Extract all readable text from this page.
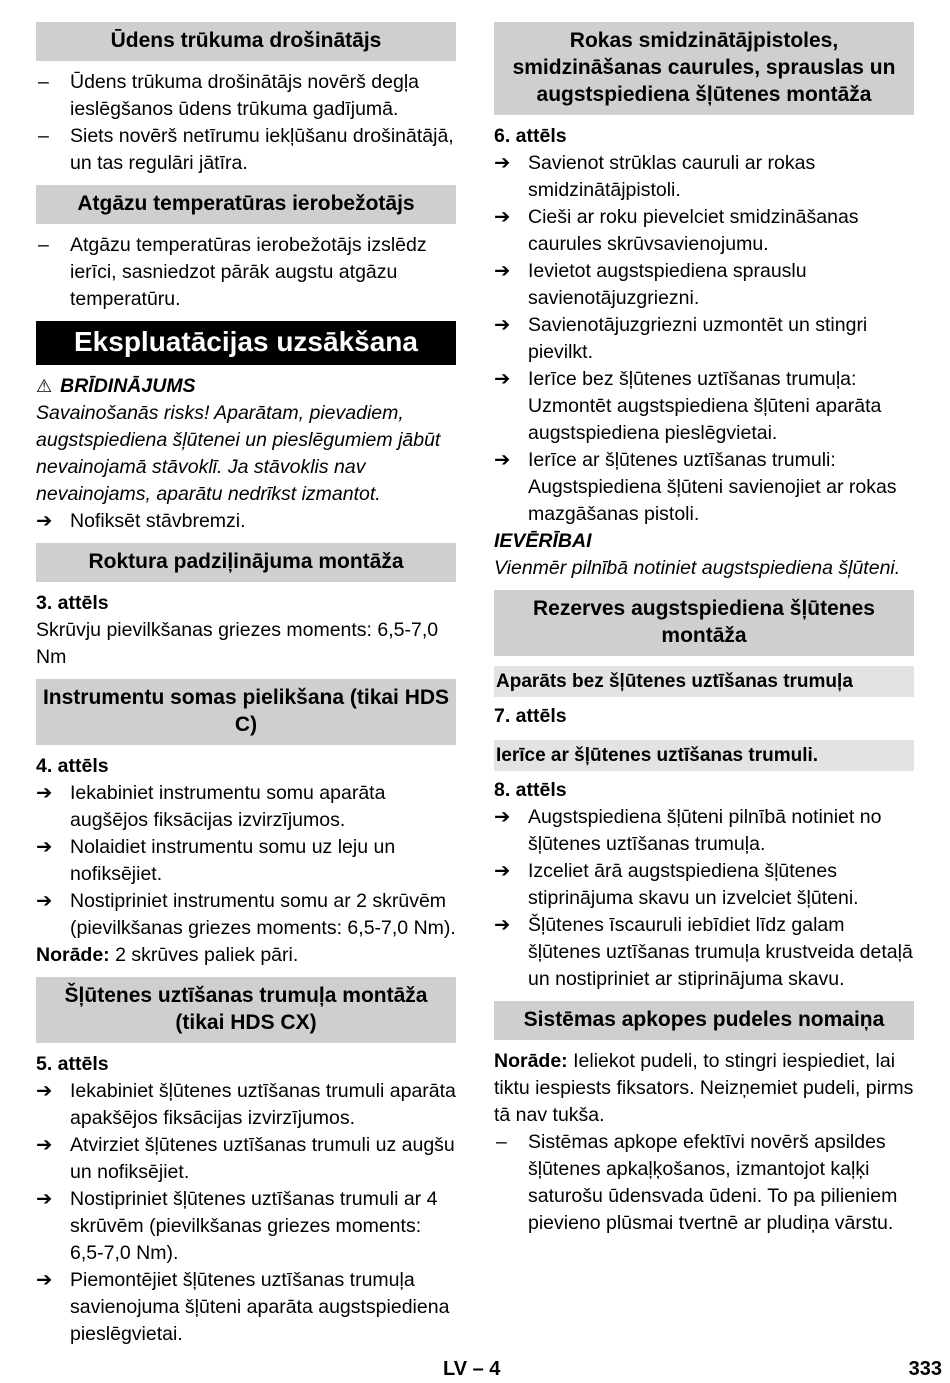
Ūdens trūkuma drošinātājs
–	Ūdens trūkuma drošinātājs novērš degļa ieslēgšanos ūdens trūkuma gadījumā.
–	Siets novērš netīrumu iekļūšanu drošinātājā, un tas regulāri jātīra.
Atgāzu temperatūras ierobežotājs
–	Atgāzu temperatūras ierobežotājs izslēdz ierīci, sasniedzot pārāk augstu atgāzu temperatūru.
Ekspluatācijas uzsākšana

⚠ BRĪDINĀJUMS

Savainošanās risks! Aparātam, pievadiem, augstspiediena šļūtenei un pieslēgumiem jābūt nevainojamā stāvoklī. Ja stāvoklis nav nevainojams, aparātu nedrīkst izmantot.

➔ Nofiksēt stāvbremzi.
Roktura padziļinājuma montāža

3. attēls

Skrūvju pievilkšanas griezes moments: 6,5-7,0 Nm

Instrumentu somas pielikšana (tikai HDS C)

4. attēls

➔ Iekabiniet instrumentu somu aparāta augšējos fiksācijas izvirzījumos.
➔ Nolaidiet instrumentu somu uz leju un nofiksējiet.
➔ Nostipriniet instrumentu somu ar 2 skrūvēm (pievilkšanas griezes moments: 6,5-7,0 Nm).

Norāde: 2 skrūves paliek pāri.

Šļūtenes uztīšanas trumuļa montāža (tikai HDS CX)

5. attēls

➔ Iekabiniet šļūtenes uztīšanas trumuli aparāta apakšējos fiksācijas izvirzījumos.
➔ Atvirziet šļūtenes uztīšanas trumuli uz augšu un nofiksējiet.
➔ Nostipriniet šļūtenes uztīšanas trumuli ar 4 skrūvēm (pievilkšanas griezes moments: 6,5-7,0 Nm).
➔ Piemontējiet šļūtenes uztīšanas trumuļa savienojuma šļūteni aparāta augstspiediena pieslēgvietai.
Rokas smidzinātājpistoles, smidzināšanas caurules, sprauslas un augstspiediena šļūtenes montāža

6. attēls

➔ Savienot strūklas cauruli ar rokas smidzinātājpistoli.
➔ Cieši ar roku pievelciet smidzināšanas caurules skrūvsavienojumu.
➔ Ievietot augstspiediena sprauslu savienotājuzgriezni.
➔ Savienotājuzgriezni uzmontēt un stingri pievilkt.
➔ Ierīce bez šļūtenes uztīšanas trumuļa: Uzmontēt augstspiediena šļūteni aparāta augstspiediena pieslēgvietai.
➔ Ierīce ar šļūtenes uztīšanas trumuli: Augstspiediena šļūteni savienojiet ar rokas mazgāšanas pistoli.

IEVĒRĪBAI

Vienmēr pilnībā notiniet augstspiediena šļūteni.

Rezerves augstspiediena šļūtenes montāža
Aparāts bez šļūtenes uztīšanas trumuļa

7. attēls

Ierīce ar šļūtenes uztīšanas trumuli.

8. attēls

➔ Augstspiediena šļūteni pilnībā notiniet no šļūtenes uztīšanas trumuļa.
➔ Izceliet ārā augstspiediena šļūtenes stiprinājuma skavu un izvelciet šļūteni.
➔ Šļūtenes īscauruli iebīdiet līdz galam šļūtenes uztīšanas trumuļa krustveida detaļā un nostipriniet ar stiprinājuma skavu.
Sistēmas apkopes pudeles nomaiņa

Norāde: Ieliekot pudeli, to stingri iespiediet, lai tiktu iespiests fiksators. Neizņemiet pudeli, pirms tā nav tukša.

–	Sistēmas apkope efektīvi novērš apsildes šļūtenes apkaļķošanos, izmantojot kaļķi saturošu ūdensvada ūdeni. To pa pilieniem pievieno plūsmai tvertnē ar pludiņa vārstu.
LV – 4	333
